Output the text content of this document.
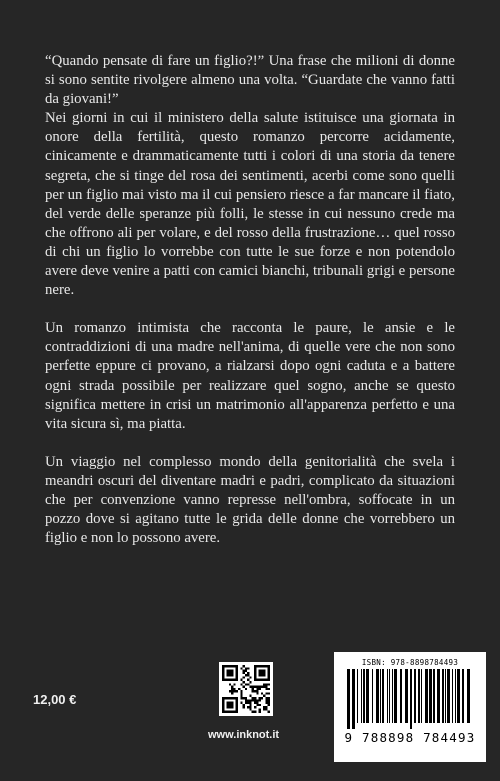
“Quando pensate di fare un figlio?!” Una frase che milioni di donne si sono sentite rivolgere almeno una volta. “Guardate che vanno fatti da giovani!”

Nei giorni in cui il ministero della salute istituisce una giornata in onore della fertilità, questo romanzo percorre acidamente, cinicamente e drammaticamente tutti i colori di una storia da tenere segreta, che si tinge del rosa dei sentimenti, acerbi come sono quelli per un figlio mai visto ma il cui pensiero riesce a far mancare il fiato, del verde delle speranze più folli, le stesse in cui nessuno crede ma che offrono ali per volare, e del rosso della frustrazione… quel rosso di chi un figlio lo vorrebbe con tutte le sue forze e non potendolo avere deve venire a patti con camici bianchi, tribunali grigi e persone nere.

Un romanzo intimista che racconta le paure, le ansie e le contraddizioni di una madre nell'anima, di quelle vere che non sono perfette eppure ci provano, a rialzarsi dopo ogni caduta e a battere ogni strada possibile per realizzare quel sogno, anche se questo significa mettere in crisi un matrimonio all'apparenza perfetto e una vita sicura sì, ma piatta.

Un viaggio nel complesso mondo della genitorialità che svela i meandri oscuri del diventare madri e padri, complicato da situazioni che per convenzione vanno represse nell'ombra, soffocate in un pozzo dove si agitano tutte le grida delle donne che vorrebbero un figlio e non lo possono avere.

12,00 €
www.inknot.it
ISBN: 978-8898784493
9 788898 784493
